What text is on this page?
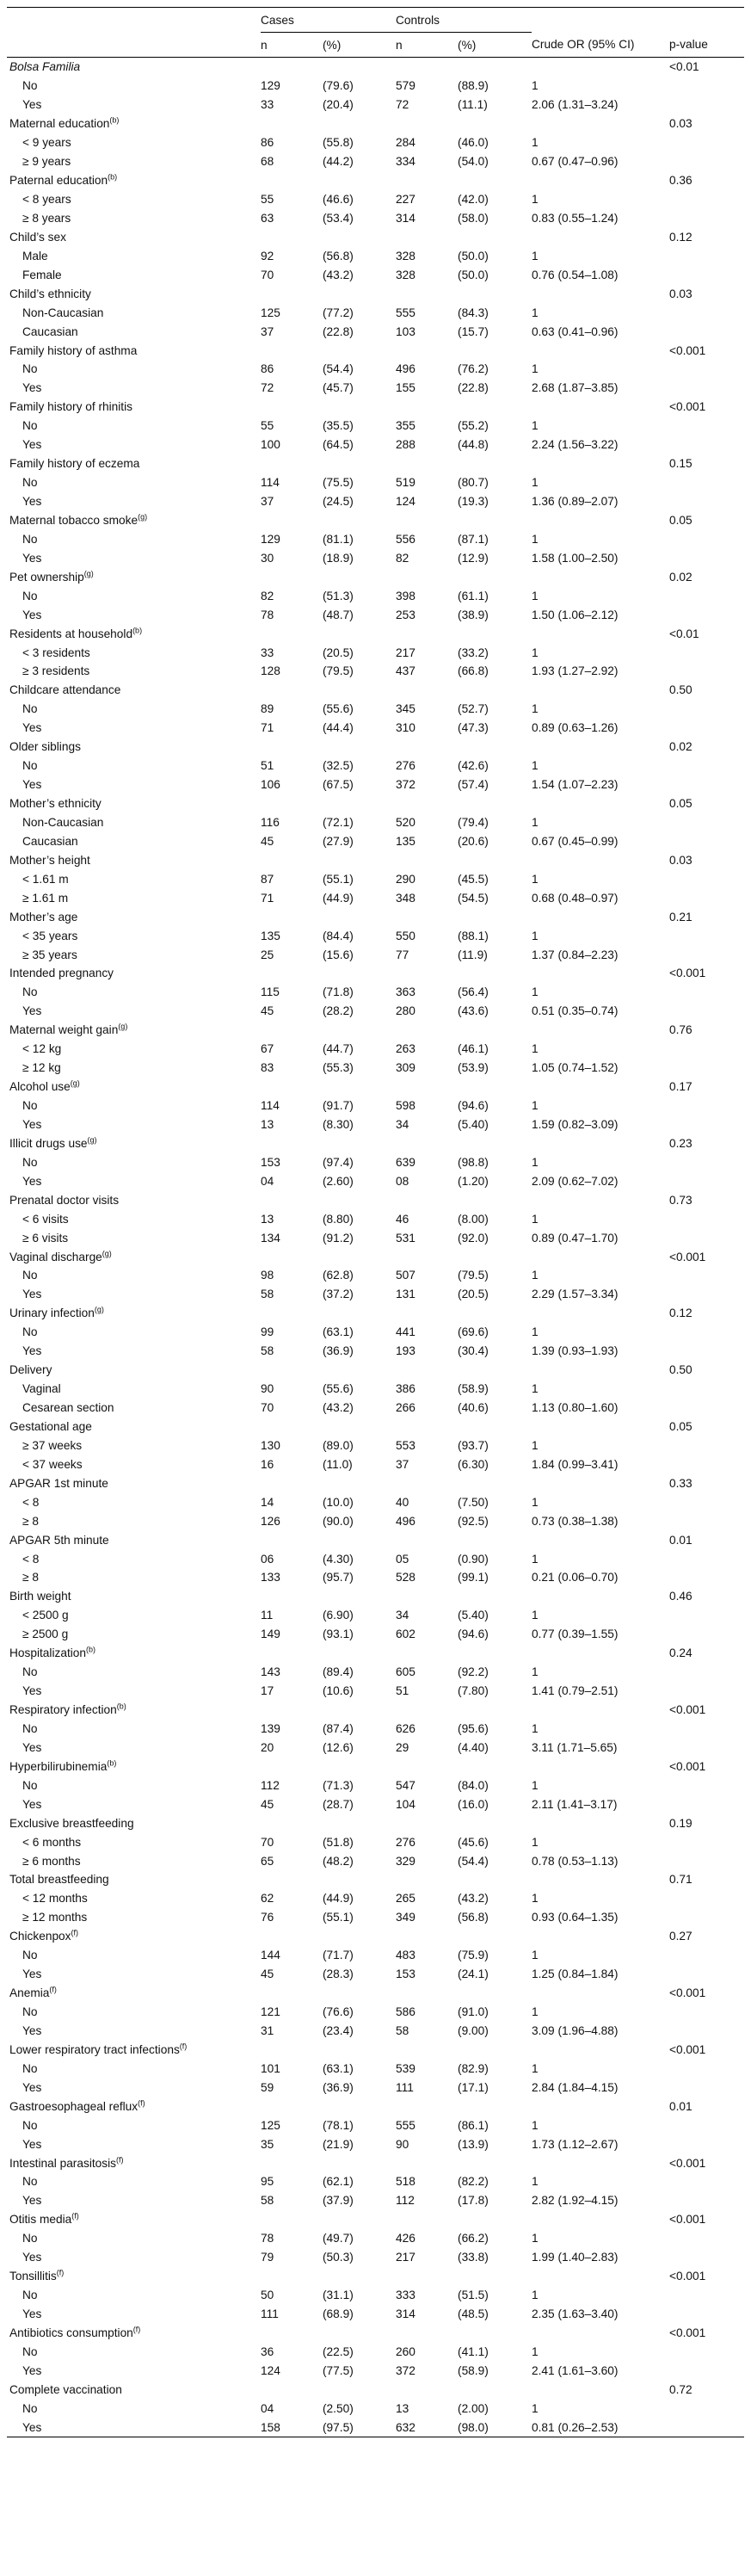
	Cases		Controls			
	n	(%)	n	(%)	Crude OR (95% CI)	p-value
Bolsa Familia						<0.01
No	129	(79.6)	579	(88.9)	1	
Yes	33	(20.4)	72	(11.1)	2.06 (1.31–3.24)	
Maternal education$^{(b)}$						0.03
< 9 years	86	(55.8)	284	(46.0)	1	
≥ 9 years	68	(44.2)	334	(54.0)	0.67 (0.47–0.96)	
Paternal education$^{(b)}$						0.36
< 8 years	55	(46.6)	227	(42.0)	1	
≥ 8 years	63	(53.4)	314	(58.0)	0.83 (0.55–1.24)	
Child’s sex						0.12
Male	92	(56.8)	328	(50.0)	1	
Female	70	(43.2)	328	(50.0)	0.76 (0.54–1.08)	
Child’s ethnicity						0.03
Non-Caucasian	125	(77.2)	555	(84.3)	1	
Caucasian	37	(22.8)	103	(15.7)	0.63 (0.41–0.96)	
Family history of asthma						<0.001
No	86	(54.4)	496	(76.2)	1	
Yes	72	(45.7)	155	(22.8)	2.68 (1.87–3.85)	
Family history of rhinitis						<0.001
No	55	(35.5)	355	(55.2)	1	
Yes	100	(64.5)	288	(44.8)	2.24 (1.56–3.22)	
Family history of eczema						0.15
No	114	(75.5)	519	(80.7)	1	
Yes	37	(24.5)	124	(19.3)	1.36 (0.89–2.07)	
Maternal tobacco smoke$^{(g)}$						0.05
No	129	(81.1)	556	(87.1)	1	
Yes	30	(18.9)	82	(12.9)	1.58 (1.00–2.50)	
Pet ownership$^{(g)}$						0.02
No	82	(51.3)	398	(61.1)	1	
Yes	78	(48.7)	253	(38.9)	1.50 (1.06–2.12)	
Residents at household$^{(b)}$						<0.01
< 3 residents	33	(20.5)	217	(33.2)	1	
≥ 3 residents	128	(79.5)	437	(66.8)	1.93 (1.27–2.92)	
Childcare attendance						0.50
No	89	(55.6)	345	(52.7)	1	
Yes	71	(44.4)	310	(47.3)	0.89 (0.63–1.26)	
Older siblings						0.02
No	51	(32.5)	276	(42.6)	1	
Yes	106	(67.5)	372	(57.4)	1.54 (1.07–2.23)	
Mother’s ethnicity						0.05
Non-Caucasian	116	(72.1)	520	(79.4)	1	
Caucasian	45	(27.9)	135	(20.6)	0.67 (0.45–0.99)	
Mother’s height						0.03
< 1.61 m	87	(55.1)	290	(45.5)	1	
≥ 1.61 m	71	(44.9)	348	(54.5)	0.68 (0.48–0.97)	
Mother’s age						0.21
< 35 years	135	(84.4)	550	(88.1)	1	
≥ 35 years	25	(15.6)	77	(11.9)	1.37 (0.84–2.23)	
Intended pregnancy						<0.001
No	115	(71.8)	363	(56.4)	1	
Yes	45	(28.2)	280	(43.6)	0.51 (0.35–0.74)	
Maternal weight gain$^{(g)}$						0.76
< 12 kg	67	(44.7)	263	(46.1)	1	
≥ 12 kg	83	(55.3)	309	(53.9)	1.05 (0.74–1.52)	
Alcohol use$^{(g)}$						0.17
No	114	(91.7)	598	(94.6)	1	
Yes	13	(8.30)	34	(5.40)	1.59 (0.82–3.09)	
Illicit drugs use$^{(g)}$						0.23
No	153	(97.4)	639	(98.8)	1	
Yes	04	(2.60)	08	(1.20)	2.09 (0.62–7.02)	
Prenatal doctor visits						0.73
< 6 visits	13	(8.80)	46	(8.00)	1	
≥ 6 visits	134	(91.2)	531	(92.0)	0.89 (0.47–1.70)	
Vaginal discharge$^{(g)}$						<0.001
No	98	(62.8)	507	(79.5)	1	
Yes	58	(37.2)	131	(20.5)	2.29 (1.57–3.34)	
Urinary infection$^{(g)}$						0.12
No	99	(63.1)	441	(69.6)	1	
Yes	58	(36.9)	193	(30.4)	1.39 (0.93–1.93)	
Delivery						0.50
Vaginal	90	(55.6)	386	(58.9)	1	
Cesarean section	70	(43.2)	266	(40.6)	1.13 (0.80–1.60)	
Gestational age						0.05
≥ 37 weeks	130	(89.0)	553	(93.7)	1	
< 37 weeks	16	(11.0)	37	(6.30)	1.84 (0.99–3.41)	
APGAR 1st minute						0.33
< 8	14	(10.0)	40	(7.50)	1	
≥ 8	126	(90.0)	496	(92.5)	0.73 (0.38–1.38)	
APGAR 5th minute						0.01
< 8	06	(4.30)	05	(0.90)	1	
≥ 8	133	(95.7)	528	(99.1)	0.21 (0.06–0.70)	
Birth weight						0.46
< 2500 g	11	(6.90)	34	(5.40)	1	
≥ 2500 g	149	(93.1)	602	(94.6)	0.77 (0.39–1.55)	
Hospitalization$^{(b)}$						0.24
No	143	(89.4)	605	(92.2)	1	
Yes	17	(10.6)	51	(7.80)	1.41 (0.79–2.51)	
Respiratory infection$^{(b)}$						<0.001
No	139	(87.4)	626	(95.6)	1	
Yes	20	(12.6)	29	(4.40)	3.11 (1.71–5.65)	
Hyperbilirubinemia$^{(b)}$						<0.001
No	112	(71.3)	547	(84.0)	1	
Yes	45	(28.7)	104	(16.0)	2.11 (1.41–3.17)	
Exclusive breastfeeding						0.19
< 6 months	70	(51.8)	276	(45.6)	1	
≥ 6 months	65	(48.2)	329	(54.4)	0.78 (0.53–1.13)	
Total breastfeeding						0.71
< 12 months	62	(44.9)	265	(43.2)	1	
≥ 12 months	76	(55.1)	349	(56.8)	0.93 (0.64–1.35)	
Chickenpox$^{(f)}$						0.27
No	144	(71.7)	483	(75.9)	1	
Yes	45	(28.3)	153	(24.1)	1.25 (0.84–1.84)	
Anemia$^{(f)}$						<0.001
No	121	(76.6)	586	(91.0)	1	
Yes	31	(23.4)	58	(9.00)	3.09 (1.96–4.88)	
Lower respiratory tract infections$^{(f)}$						<0.001
No	101	(63.1)	539	(82.9)	1	
Yes	59	(36.9)	111	(17.1)	2.84 (1.84–4.15)	
Gastroesophageal reflux$^{(f)}$						0.01
No	125	(78.1)	555	(86.1)	1	
Yes	35	(21.9)	90	(13.9)	1.73 (1.12–2.67)	
Intestinal parasitosis$^{(f)}$						<0.001
No	95	(62.1)	518	(82.2)	1	
Yes	58	(37.9)	112	(17.8)	2.82 (1.92–4.15)	
Otitis media$^{(f)}$						<0.001
No	78	(49.7)	426	(66.2)	1	
Yes	79	(50.3)	217	(33.8)	1.99 (1.40–2.83)	
Tonsillitis$^{(f)}$						<0.001
No	50	(31.1)	333	(51.5)	1	
Yes	111	(68.9)	314	(48.5)	2.35 (1.63–3.40)	
Antibiotics consumption$^{(f)}$						<0.001
No	36	(22.5)	260	(41.1)	1	
Yes	124	(77.5)	372	(58.9)	2.41 (1.61–3.60)	
Complete vaccination						0.72
No	04	(2.50)	13	(2.00)	1	
Yes	158	(97.5)	632	(98.0)	0.81 (0.26–2.53)	
